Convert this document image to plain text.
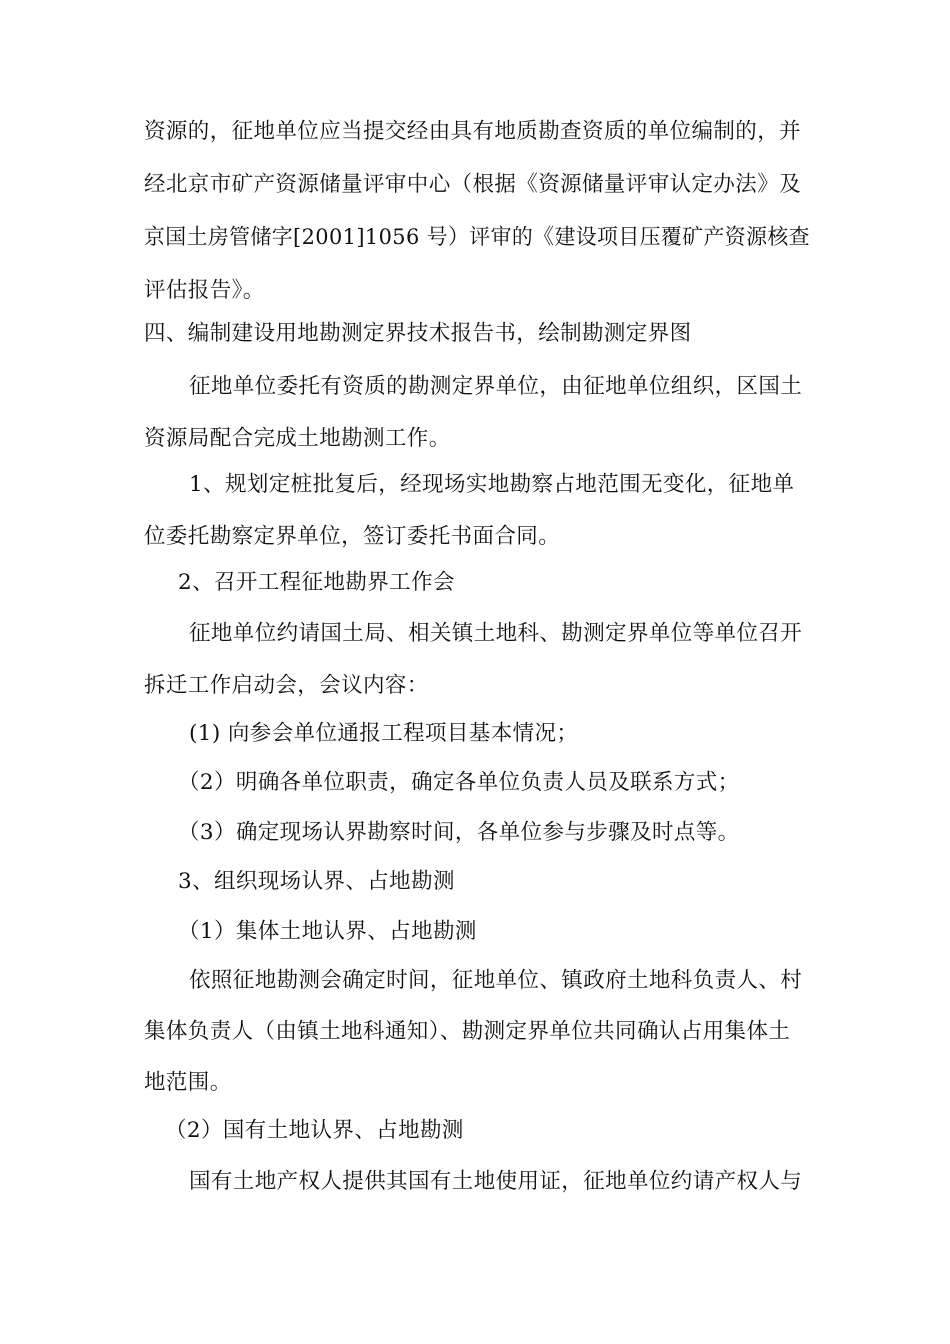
资源的，征地单位应当提交经由具有地质勘查资质的单位编制的，并
经北京市矿产资源储量评审中心（根据《资源储量评审认定办法》及
京国土房管储字[2001]1056 号）评审的《建设项目压覆矿产资源核查
评估报告》。
四、编制建设用地勘测定界技术报告书，绘制勘测定界图
征地单位委托有资质的勘测定界单位，由征地单位组织，区国土
资源局配合完成土地勘测工作。
1、规划定桩批复后，经现场实地勘察占地范围无变化，征地单
位委托勘察定界单位，签订委托书面合同。
2、召开工程征地勘界工作会
征地单位约请国土局、相关镇土地科、勘测定界单位等单位召开
拆迁工作启动会，会议内容：
(1) 向参会单位通报工程项目基本情况；
（2）明确各单位职责，确定各单位负责人员及联系方式；
（3）确定现场认界勘察时间，各单位参与步骤及时点等。
3、组织现场认界、占地勘测
（1）集体土地认界、占地勘测
依照征地勘测会确定时间，征地单位、镇政府土地科负责人、村
集体负责人（由镇土地科通知）、勘测定界单位共同确认占用集体土
地范围。
（2）国有土地认界、占地勘测
国有土地产权人提供其国有土地使用证，征地单位约请产权人与
